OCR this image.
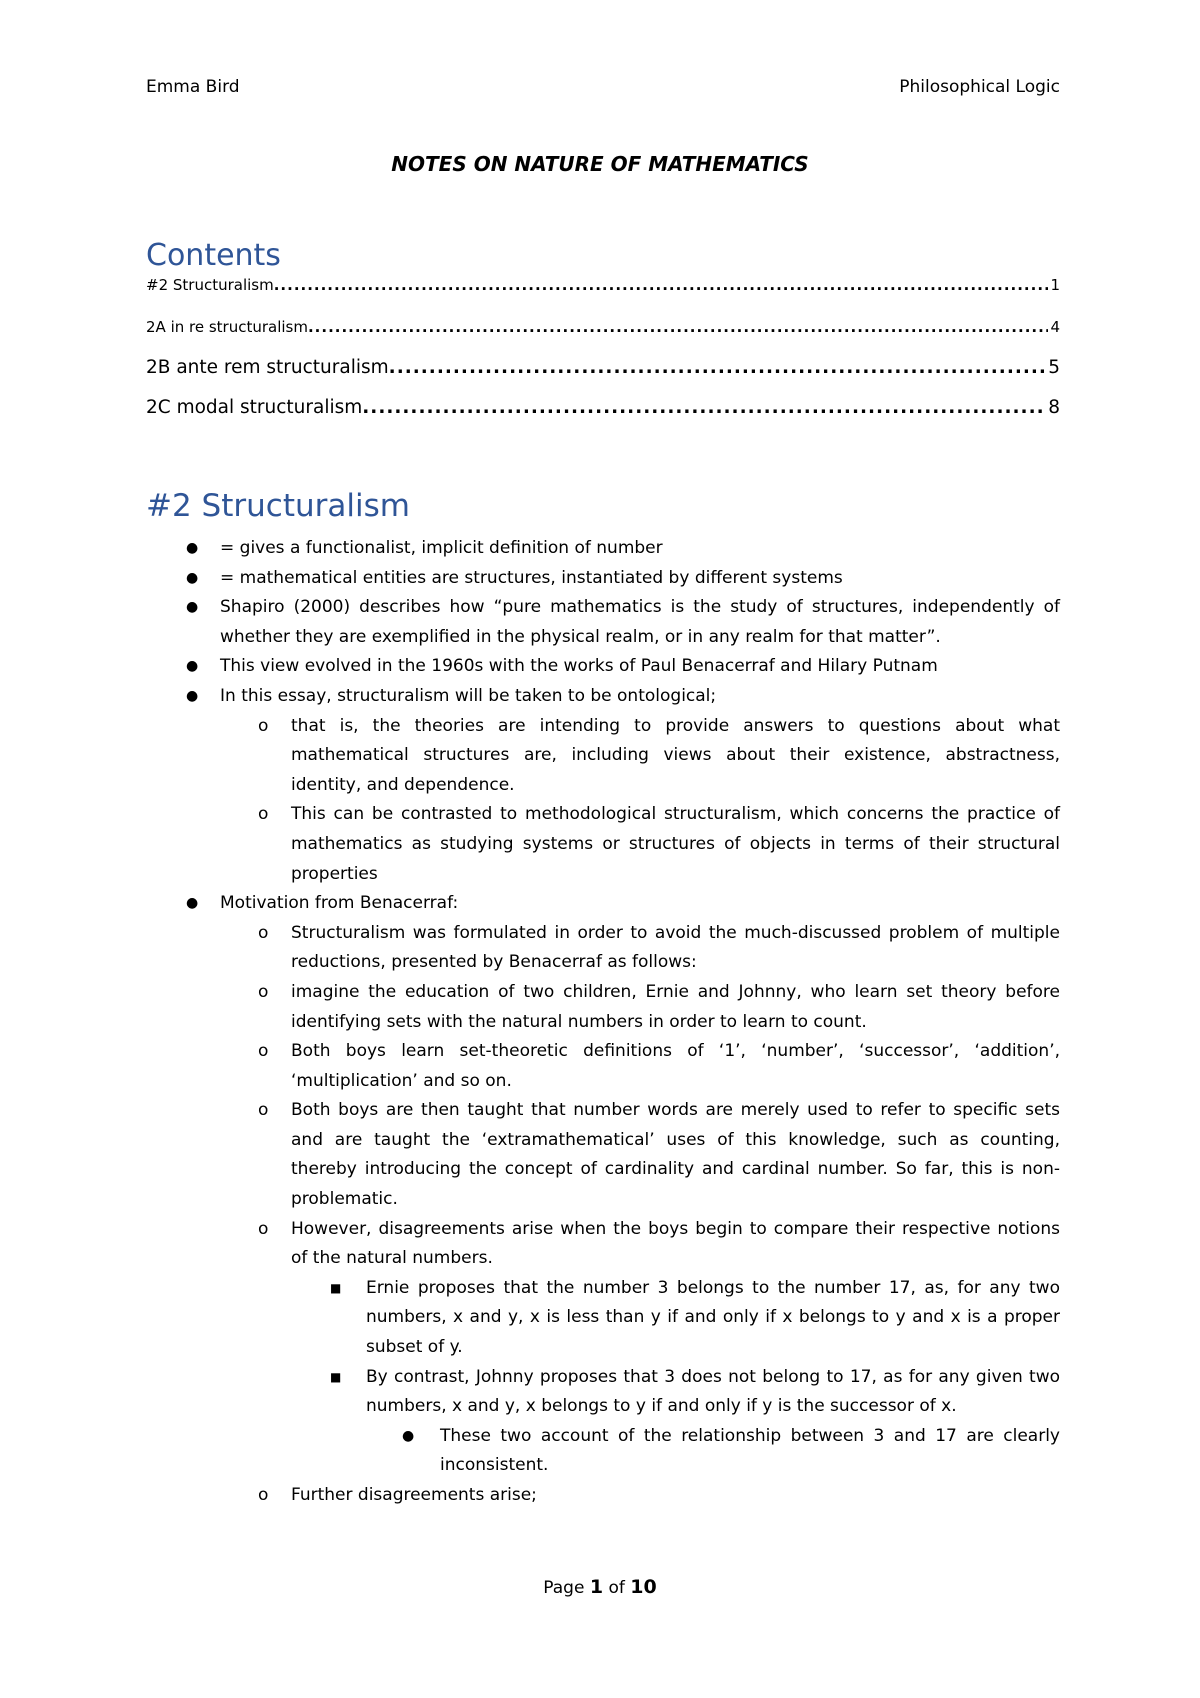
Emma Bird	Philosophical Logic
NOTES ON NATURE OF MATHEMATICS
Contents
#2 Structuralism .....	1
2A in re structuralism .....	4
2B ante rem structuralism .....	5
2C modal structuralism .....	8
#2 Structuralism
● = gives a functionalist, implicit definition of number
● = mathematical entities are structures, instantiated by different systems
● Shapiro (2000) describes how “pure mathematics is the study of structures, independently of whether they are exemplified in the physical realm, or in any realm for that matter”.
● This view evolved in the 1960s with the works of Paul Benacerraf and Hilary Putnam
● In this essay, structuralism will be taken to be ontological;
o that is, the theories are intending to provide answers to questions about what mathematical structures are, including views about their existence, abstractness, identity, and dependence.
o This can be contrasted to methodological structuralism, which concerns the practice of mathematics as studying systems or structures of objects in terms of their structural properties
● Motivation from Benacerraf:
o Structuralism was formulated in order to avoid the much-discussed problem of multiple reductions, presented by Benacerraf as follows:
o imagine the education of two children, Ernie and Johnny, who learn set theory before identifying sets with the natural numbers in order to learn to count.
o Both boys learn set-theoretic definitions of ‘1’, ‘number’, ‘successor’, ‘addition’, ‘multiplication’ and so on.
o Both boys are then taught that number words are merely used to refer to specific sets and are taught the ‘extramathematical’ uses of this knowledge, such as counting, thereby introducing the concept of cardinality and cardinal number. So far, this is non-problematic.
o However, disagreements arise when the boys begin to compare their respective notions of the natural numbers.
■ Ernie proposes that the number 3 belongs to the number 17, as, for any two numbers, x and y, x is less than y if and only if x belongs to y and x is a proper subset of y.
■ By contrast, Johnny proposes that 3 does not belong to 17, as for any given two numbers, x and y, x belongs to y if and only if y is the successor of x.
● These two account of the relationship between 3 and 17 are clearly inconsistent.
o Further disagreements arise;
Page 1 of 10
